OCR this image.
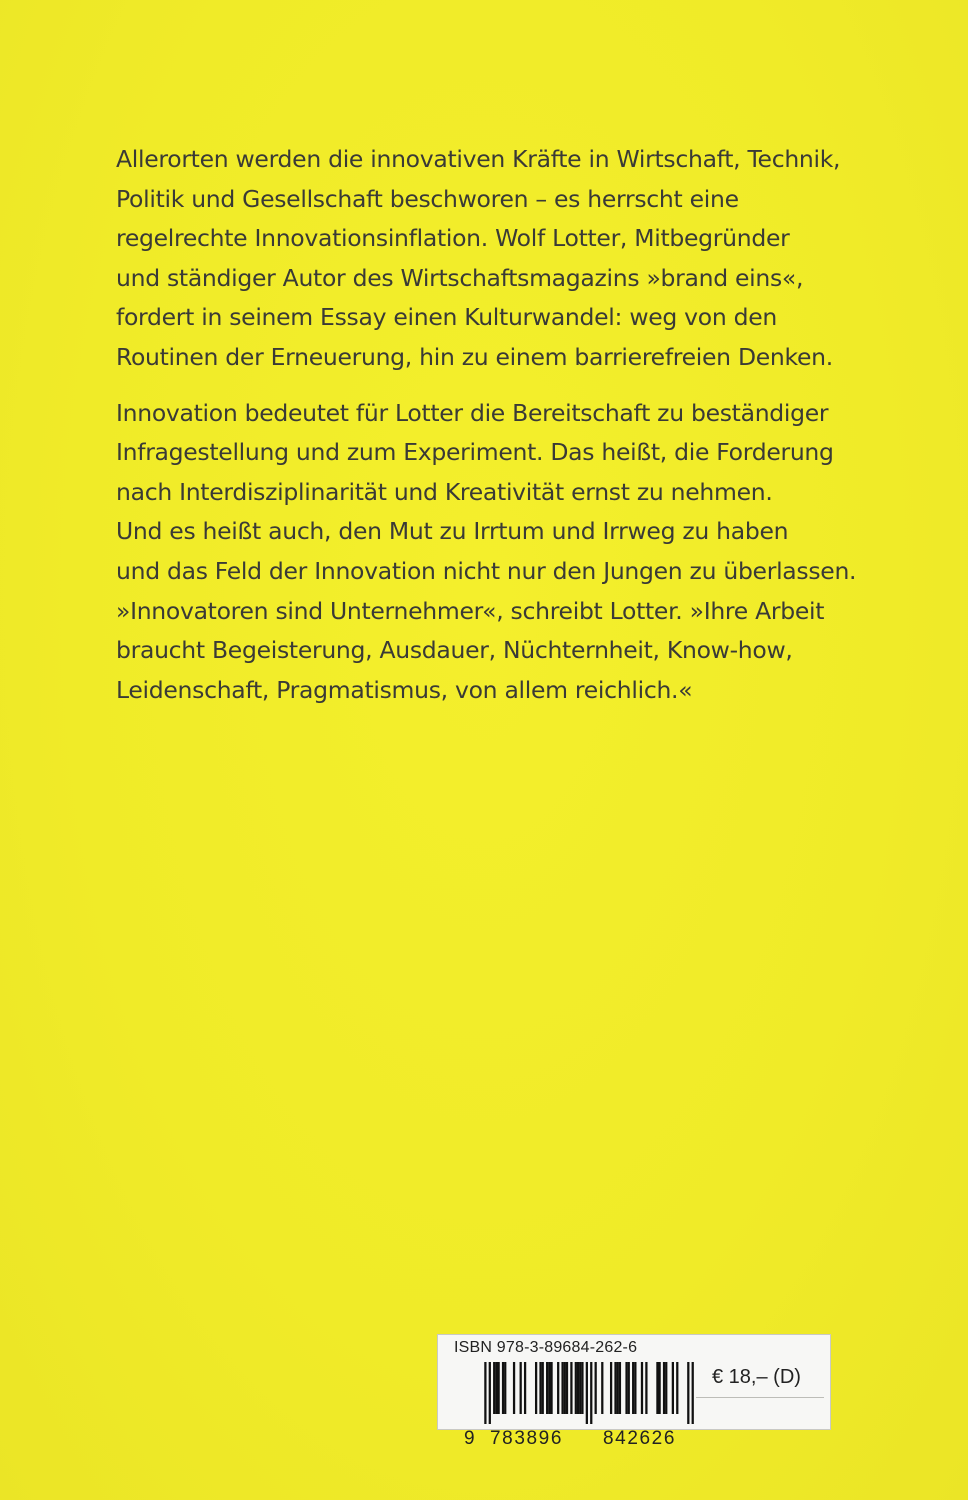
Allerorten werden die innovativen Kräfte in Wirtschaft, Technik,
Politik und Gesellschaft beschworen – es herrscht eine
regelrechte Innovationsinflation. Wolf Lotter, Mitbegründer
und ständiger Autor des Wirtschaftsmagazins »brand eins«,
fordert in seinem Essay einen Kulturwandel: weg von den
Routinen der Erneuerung, hin zu einem barrierefreien Denken.

Innovation bedeutet für Lotter die Bereitschaft zu beständiger
Infragestellung und zum Experiment. Das heißt, die Forderung
nach Interdisziplinarität und Kreativität ernst zu nehmen.
Und es heißt auch, den Mut zu Irrtum und Irrweg zu haben
und das Feld der Innovation nicht nur den Jungen zu überlassen.
»Innovatoren sind Unternehmer«, schreibt Lotter. »Ihre Arbeit
braucht Begeisterung, Ausdauer, Nüchternheit, Know-how,
Leidenschaft, Pragmatismus, von allem reichlich.«

ISBN 978-3-89684-262-6
9 783896 842626
€ 18,– (D)
